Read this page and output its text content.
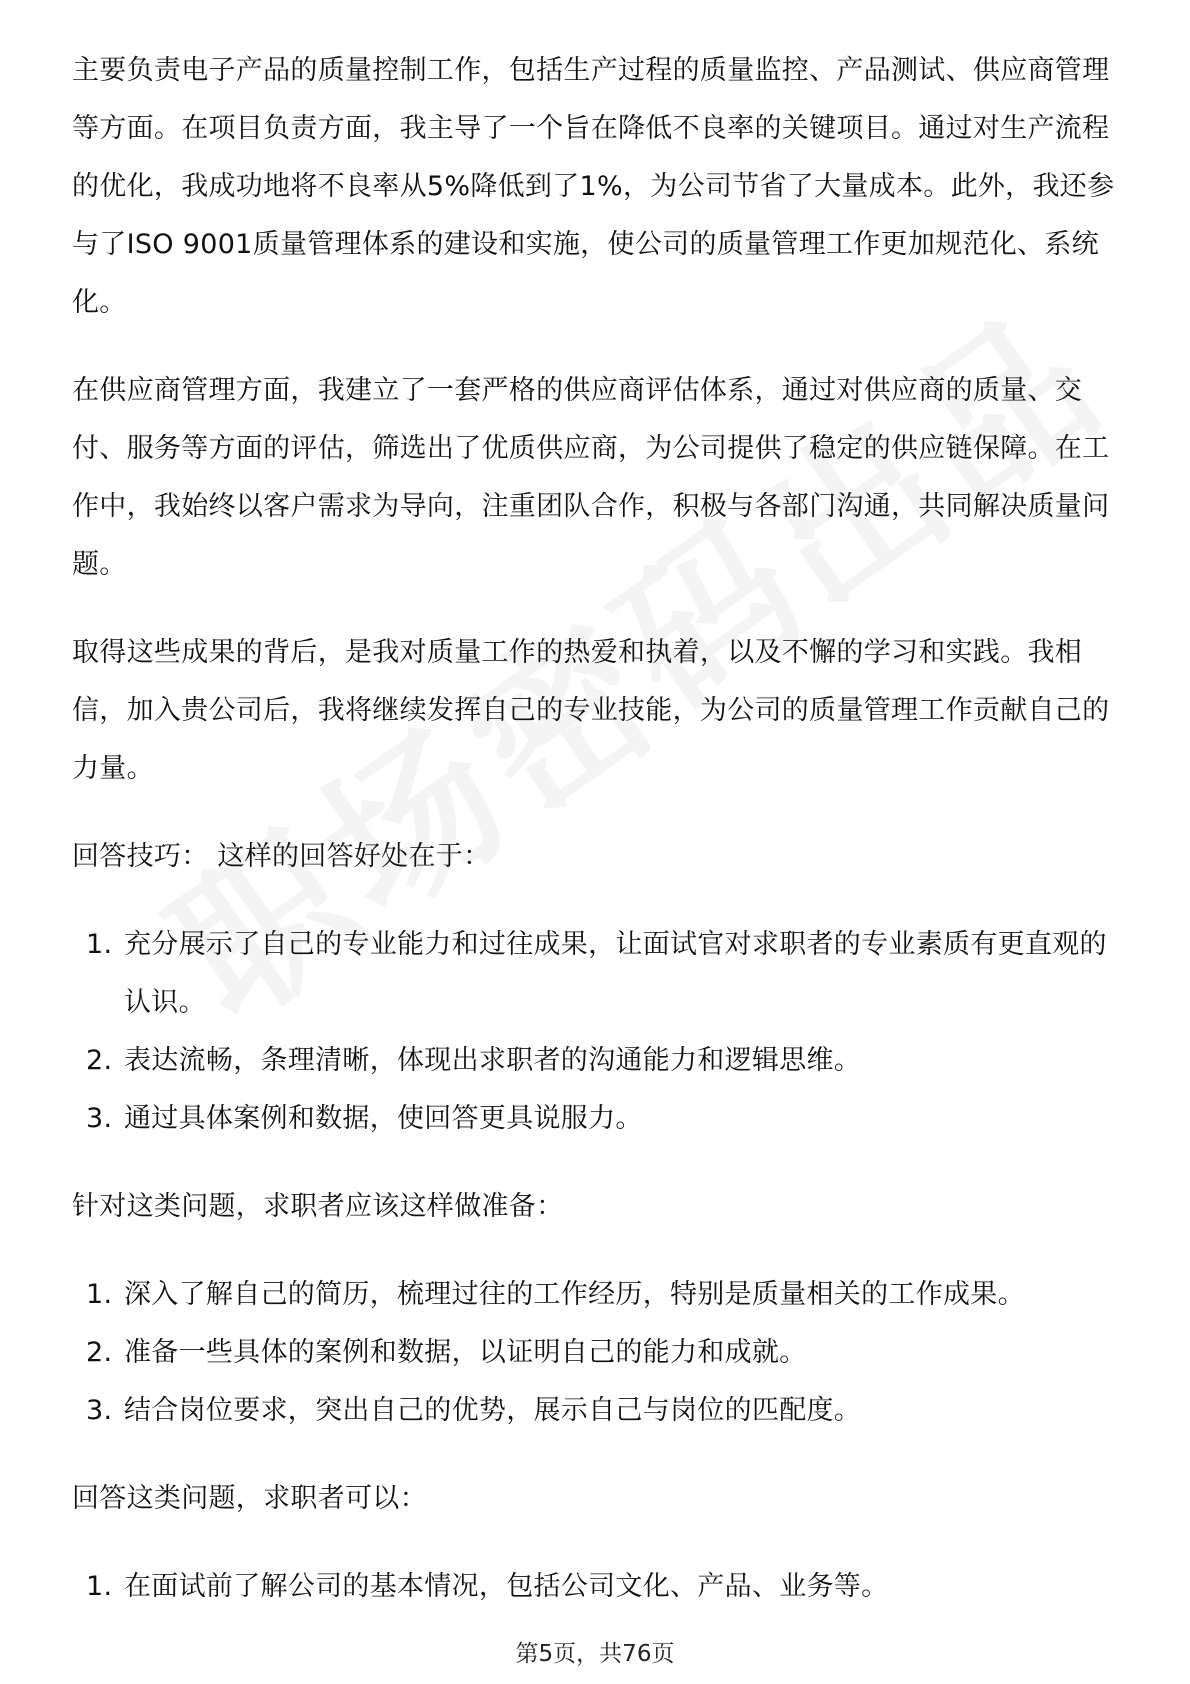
主要负责电子产品的质量控制工作，包括生产过程的质量监控、产品测试、供应商管理等方面。在项目负责方面，我主导了一个旨在降低不良率的关键项目。通过对生产流程的优化，我成功地将不良率从5%降低到了1%，为公司节省了大量成本。此外，我还参与了ISO 9001质量管理体系的建设和实施，使公司的质量管理工作更加规范化、系统化。

在供应商管理方面，我建立了一套严格的供应商评估体系，通过对供应商的质量、交付、服务等方面的评估，筛选出了优质供应商，为公司提供了稳定的供应链保障。在工作中，我始终以客户需求为导向，注重团队合作，积极与各部门沟通，共同解决质量问题。

取得这些成果的背后，是我对质量工作的热爱和执着，以及不懈的学习和实践。我相信，加入贵公司后，我将继续发挥自己的专业技能，为公司的质量管理工作贡献自己的力量。

回答技巧： 这样的回答好处在于：

1. 充分展示了自己的专业能力和过往成果，让面试官对求职者的专业素质有更直观的认识。
2. 表达流畅，条理清晰，体现出求职者的沟通能力和逻辑思维。
3. 通过具体案例和数据，使回答更具说服力。

针对这类问题，求职者应该这样做准备：

1. 深入了解自己的简历，梳理过往的工作经历，特别是质量相关的工作成果。
2. 准备一些具体的案例和数据，以证明自己的能力和成就。
3. 结合岗位要求，突出自己的优势，展示自己与岗位的匹配度。

回答这类问题，求职者可以：

1. 在面试前了解公司的基本情况，包括公司文化、产品、业务等。
第5页，共76页
